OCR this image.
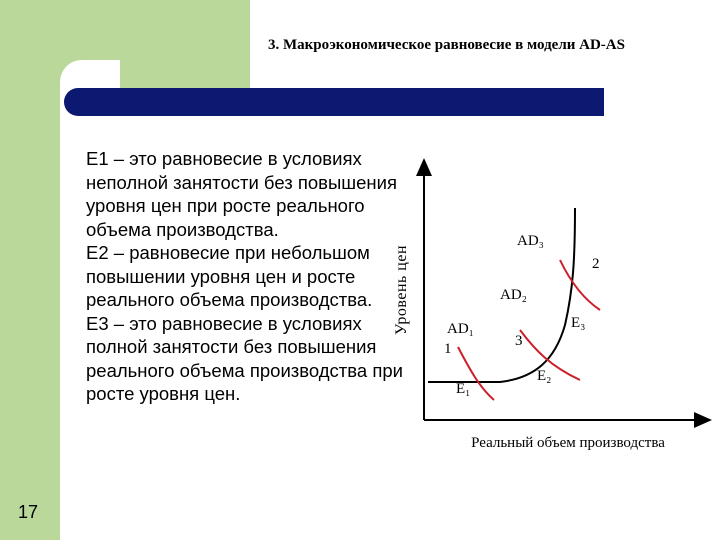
3. Макроэкономическое равновесие в модели AD-AS

Е1 – это равновесие в условиях неполной занятости без повышения уровня цен при росте реального объема производства.

Е2 – равновесие при небольшом повышении уровня цен и росте реального объема производства.

Е3 – это равновесие в условиях полной занятости без повышения реального объема производства при росте уровня цен.

Уровень цен
Реальный объем производства
AD₁
AD₂
AD₃
1
2
3
E₁
E₂
E₃
17
